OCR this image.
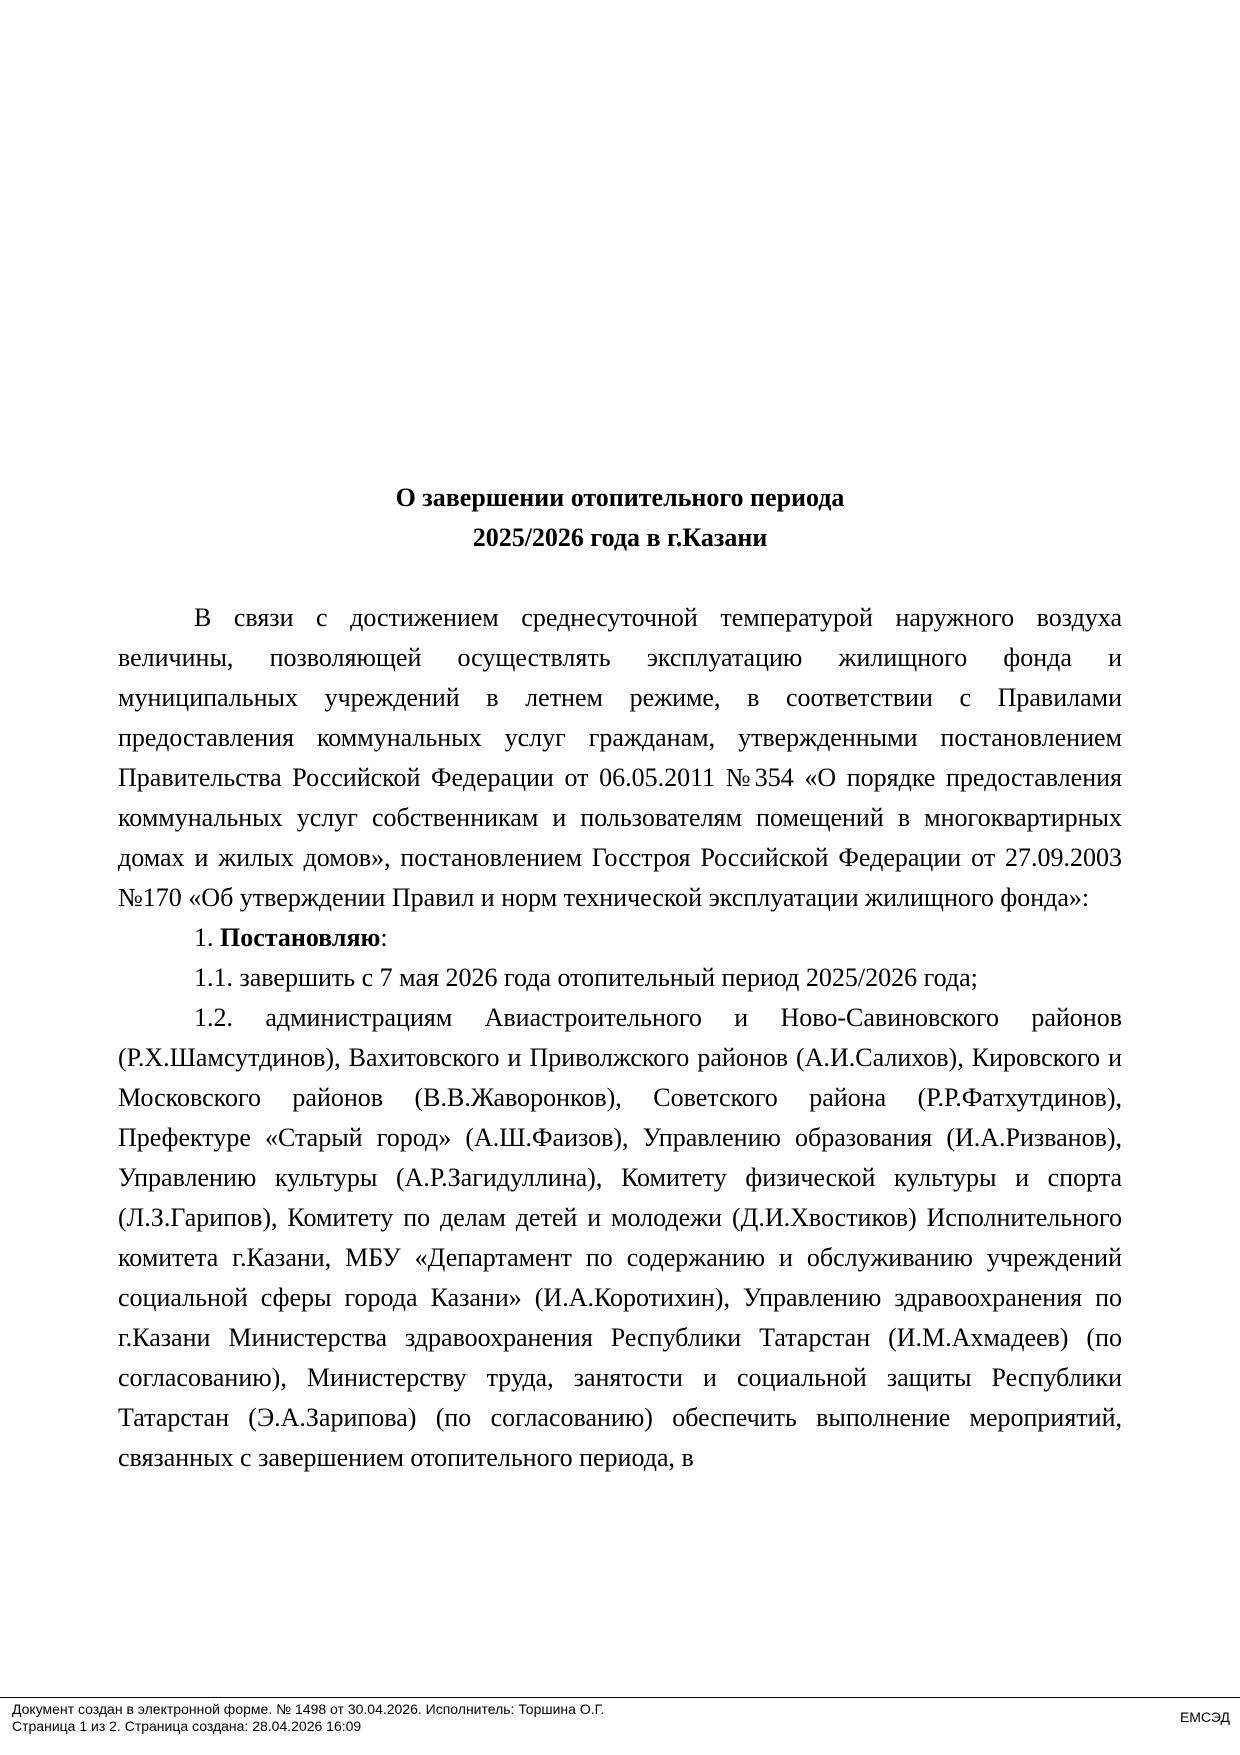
О завершении отопительного периода
2025/2026 года в г.Казани

В связи с достижением среднесуточной температурой наружного воздуха величины, позволяющей осуществлять эксплуатацию жилищного фонда и муниципальных учреждений в летнем режиме, в соответствии с Правилами предоставления коммунальных услуг гражданам, утвержденными постановлением Правительства Российской Федерации от 06.05.2011 №354 «О порядке предоставления коммунальных услуг собственникам и пользователям помещений в многоквартирных домах и жилых домов», постановлением Госстроя Российской Федерации от 27.09.2003 №170 «Об утверждении Правил и норм технической эксплуатации жилищного фонда»:

1. Постановляю:

1.1. завершить с 7 мая 2026 года отопительный период 2025/2026 года;

1.2. администрациям Авиастроительного и Ново-Савиновского районов (Р.Х.Шамсутдинов), Вахитовского и Приволжского районов (А.И.Салихов), Кировского и Московского районов (В.В.Жаворонков), Советского района (Р.Р.Фатхутдинов), Префектуре «Старый город» (А.Ш.Фаизов), Управлению образования (И.А.Ризванов), Управлению культуры (А.Р.Загидуллина), Комитету физической культуры и спорта (Л.З.Гарипов), Комитету по делам детей и молодежи (Д.И.Хвостиков) Исполнительного комитета г.Казани, МБУ «Департамент по содержанию и обслуживанию учреждений социальной сферы города Казани» (И.А.Коротихин), Управлению здравоохранения по г.Казани Министерства здравоохранения Республики Татарстан (И.М.Ахмадеев) (по согласованию), Министерству труда, занятости и социальной защиты Республики Татарстан (Э.А.Зарипова) (по согласованию) обеспечить выполнение мероприятий, связанных с завершением отопительного периода, в

Документ создан в электронной форме. № 1498 от 30.04.2026. Исполнитель: Торшина О.Г.
Страница 1 из 2. Страница создана: 28.04.2026 16:09
ЕМСЭД
